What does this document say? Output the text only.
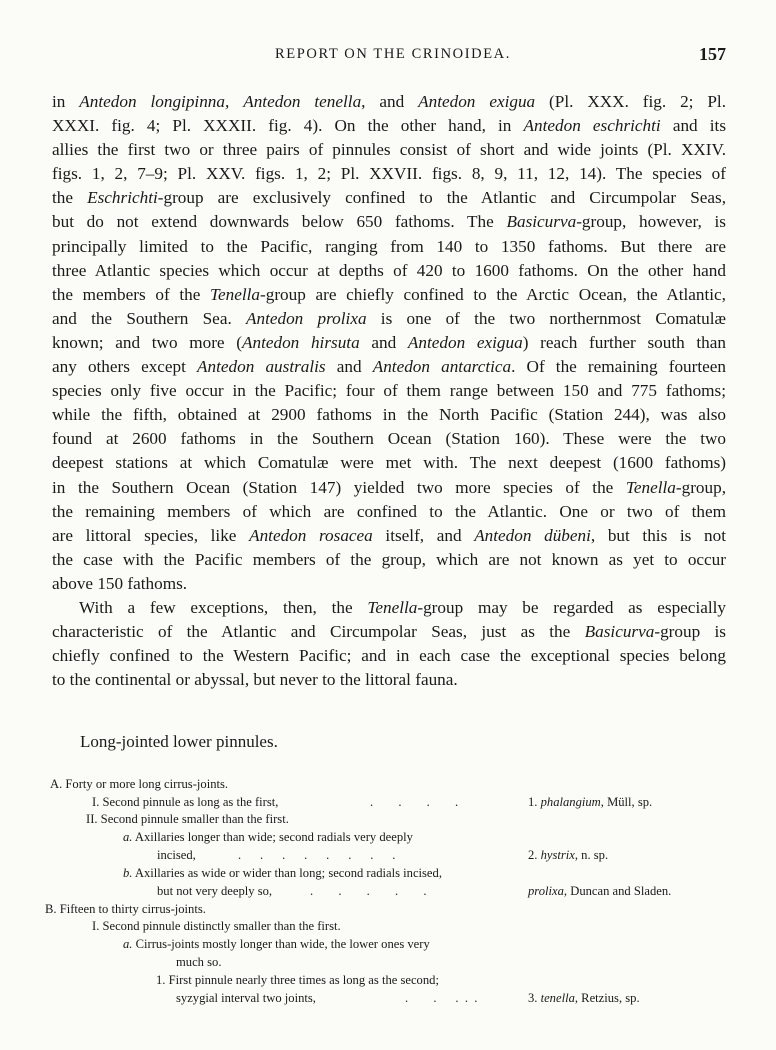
REPORT ON THE CRINOIDEA.	157

in Antedon longipinna, Antedon tenella, and Antedon exigua (Pl. XXX. fig. 2; Pl.
XXXI. fig. 4; Pl. XXXII. fig. 4). On the other hand, in Antedon eschrichti and its
allies the first two or three pairs of pinnules consist of short and wide joints (Pl. XXIV.
figs. 1, 2, 7–9; Pl. XXV. figs. 1, 2; Pl. XXVII. figs. 8, 9, 11, 12, 14). The species of
the Eschrichti-group are exclusively confined to the Atlantic and Circumpolar Seas,
but do not extend downwards below 650 fathoms. The Basicurva-group, however, is
principally limited to the Pacific, ranging from 140 to 1350 fathoms. But there are
three Atlantic species which occur at depths of 420 to 1600 fathoms. On the other hand
the members of the Tenella-group are chiefly confined to the Arctic Ocean, the Atlantic,
and the Southern Sea. Antedon prolixa is one of the two northernmost Comatulæ
known; and two more (Antedon hirsuta and Antedon exigua) reach further south than
any others except Antedon australis and Antedon antarctica. Of the remaining fourteen
species only five occur in the Pacific; four of them range between 150 and 775 fathoms;
while the fifth, obtained at 2900 fathoms in the North Pacific (Station 244), was also
found at 2600 fathoms in the Southern Ocean (Station 160). These were the two
deepest stations at which Comatulæ were met with. The next deepest (1600 fathoms)
in the Southern Ocean (Station 147) yielded two more species of the Tenella-group,
the remaining members of which are confined to the Atlantic. One or two of them
are littoral species, like Antedon rosacea itself, and Antedon dübeni, but this is not
the case with the Pacific members of the group, which are not known as yet to occur
above 150 fathoms.

With a few exceptions, then, the Tenella-group may be regarded as especially
characteristic of the Atlantic and Circumpolar Seas, just as the Basicurva-group is
chiefly confined to the Western Pacific; and in each case the exceptional species belong
to the continental or abyssal, but never to the littoral fauna.

Long-jointed lower pinnules.
A. Forty or more long cirrus-joints.
I. Second pinnule as long as the first,	.        .        .        .	1. phalangium, Müll, sp.
II. Second pinnule smaller than the first.
a. Axillaries longer than wide; second radials very deeply
incised,	.      .      .      .      .      .      .      .	2. hystrix, n. sp.
b. Axillaries as wide or wider than long; second radials incised,
but not very deeply so,	.        .        .        .        .	prolixa, Duncan and Sladen.
B. Fifteen to thirty cirrus-joints.
I. Second pinnule distinctly smaller than the first.
a. Cirrus-joints mostly longer than wide, the lower ones very
much so.
1. First pinnule nearly three times as long as the second;
syzygial interval two joints,	.        .      .  .  .	3. tenella, Retzius, sp.
